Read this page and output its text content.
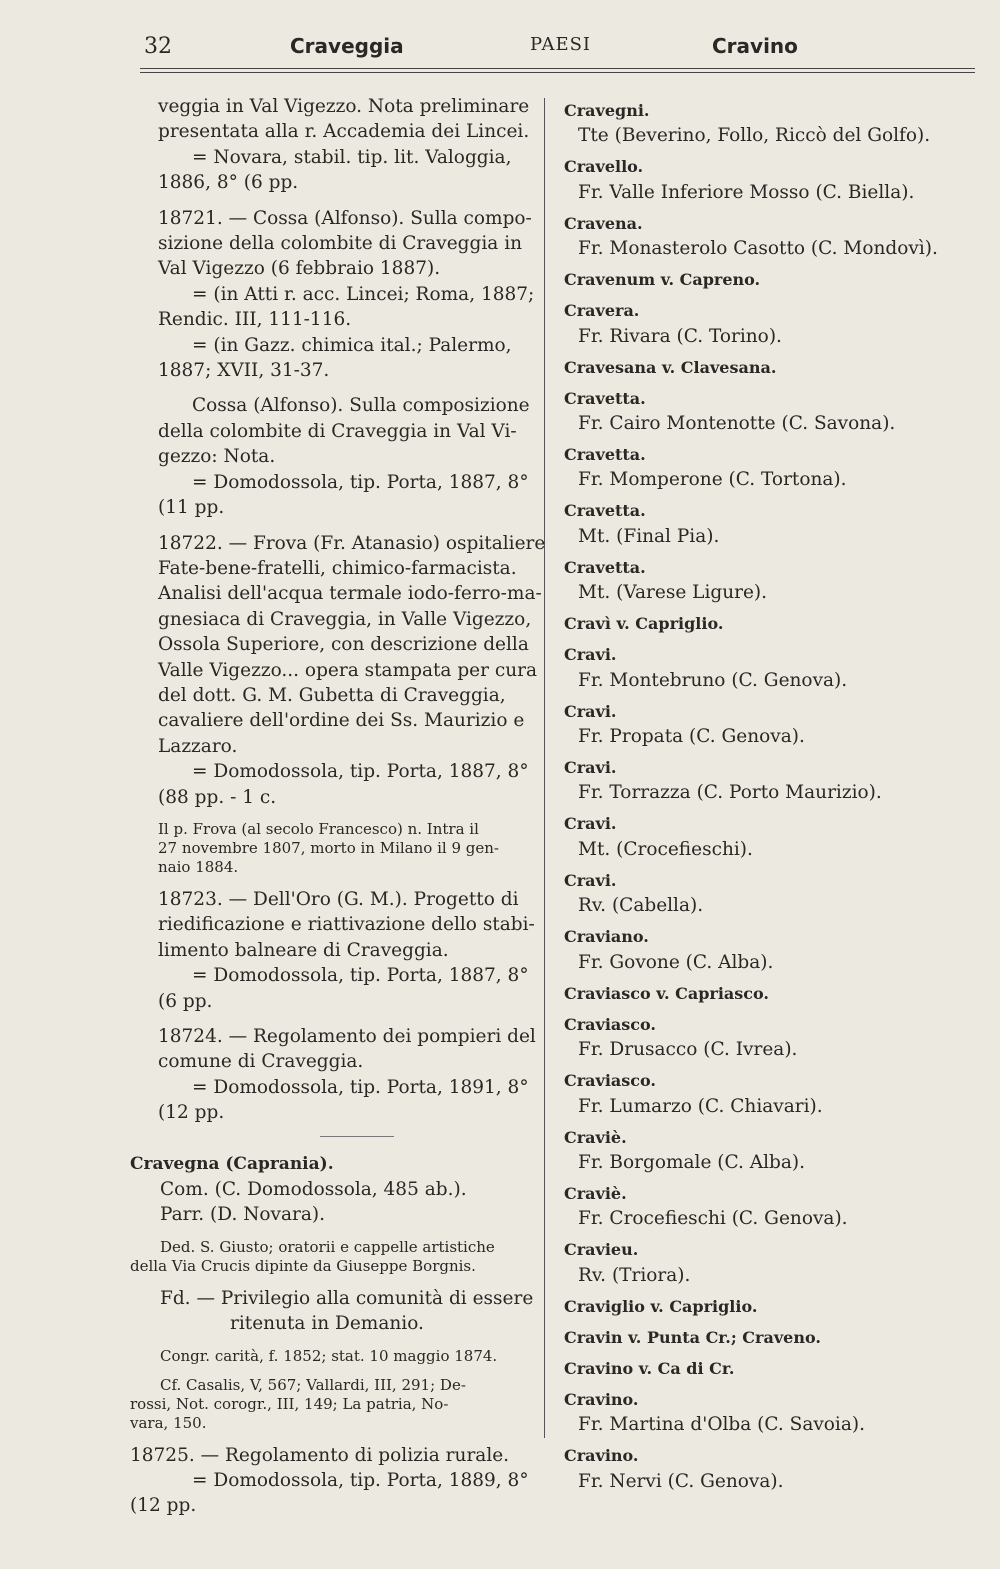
32	Craveggia	PAESI	Cravino
veggia in Val Vigezzo. Nota preliminare
presentata alla r. Accademia dei Lincei.
= Novara, stabil. tip. lit. Valoggia,
1886, 8° (6 pp.
18721. — Cossa (Alfonso). Sulla compo-
sizione della colombite di Craveggia in
Val Vigezzo (6 febbraio 1887).
= (in Atti r. acc. Lincei; Roma, 1887;
Rendic. III, 111-116.
= (in Gazz. chimica ital.; Palermo,
1887; XVII, 31-37.
Cossa (Alfonso). Sulla composizione
della colombite di Craveggia in Val Vi-
gezzo: Nota.
= Domodossola, tip. Porta, 1887, 8°
(11 pp.
18722. — Frova (Fr. Atanasio) ospitaliere
Fate-bene-fratelli, chimico-farmacista.
Analisi dell'acqua termale iodo-ferro-ma-
gnesiaca di Craveggia, in Valle Vigezzo,
Ossola Superiore, con descrizione della
Valle Vigezzo... opera stampata per cura
del dott. G. M. Gubetta di Craveggia,
cavaliere dell'ordine dei Ss. Maurizio e
Lazzaro.
= Domodossola, tip. Porta, 1887, 8°
(88 pp. - 1 c.
Il p. Frova (al secolo Francesco) n. Intra il
27 novembre 1807, morto in Milano il 9 gen-
naio 1884.
18723. — Dell'Oro (G. M.). Progetto di
riedificazione e riattivazione dello stabi-
limento balneare di Craveggia.
= Domodossola, tip. Porta, 1887, 8°
(6 pp.
18724. — Regolamento dei pompieri del
comune di Craveggia.
= Domodossola, tip. Porta, 1891, 8°
(12 pp.
Cravegna (Caprania).
Com. (C. Domodossola, 485 ab.).
Parr. (D. Novara).
Ded. S. Giusto; oratorii e cappelle artistiche
della Via Crucis dipinte da Giuseppe Borgnis.
Fd. — Privilegio alla comunità di essere
ritenuta in Demanio.
Congr. carità, f. 1852; stat. 10 maggio 1874.
Cf. Casalis, V, 567; Vallardi, III, 291; De-
rossi, Not. corogr., III, 149; La patria, No-
vara, 150.
18725. — Regolamento di polizia rurale.
= Domodossola, tip. Porta, 1889, 8°
(12 pp.
Cravegni.
Tte (Beverino, Follo, Riccò del Golfo).
Cravello.
Fr. Valle Inferiore Mosso (C. Biella).
Cravena.
Fr. Monasterolo Casotto (C. Mondovì).
Cravenum v. Capreno.
Cravera.
Fr. Rivara (C. Torino).
Cravesana v. Clavesana.
Cravetta.
Fr. Cairo Montenotte (C. Savona).
Cravetta.
Fr. Momperone (C. Tortona).
Cravetta.
Mt. (Final Pia).
Cravetta.
Mt. (Varese Ligure).
Cravì v. Capriglio.
Cravi.
Fr. Montebruno (C. Genova).
Cravi.
Fr. Propata (C. Genova).
Cravi.
Fr. Torrazza (C. Porto Maurizio).
Cravi.
Mt. (Crocefieschi).
Cravi.
Rv. (Cabella).
Craviano.
Fr. Govone (C. Alba).
Craviasco v. Capriasco.
Craviasco.
Fr. Drusacco (C. Ivrea).
Craviasco.
Fr. Lumarzo (C. Chiavari).
Craviè.
Fr. Borgomale (C. Alba).
Craviè.
Fr. Crocefieschi (C. Genova).
Cravieu.
Rv. (Triora).
Craviglio v. Capriglio.
Cravin v. Punta Cr.; Craveno.
Cravino v. Ca di Cr.
Cravino.
Fr. Martina d'Olba (C. Savoia).
Cravino.
Fr. Nervi (C. Genova).
